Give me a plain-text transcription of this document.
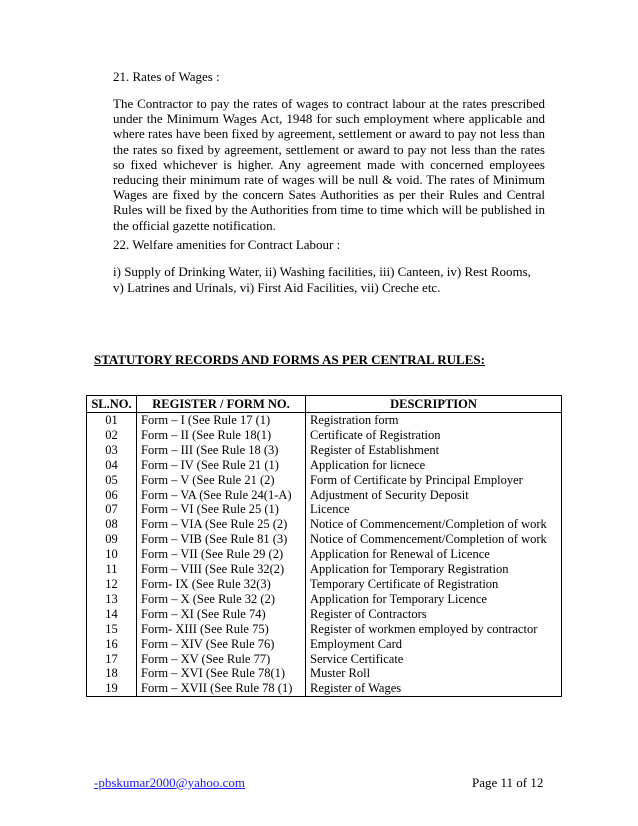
21. Rates of Wages :
The Contractor to pay the rates of wages to contract labour at the rates prescribed under the Minimum Wages Act, 1948 for such employment where applicable and where rates have been fixed by agreement, settlement or award to pay not less than the rates so fixed by agreement, settlement or award to pay not less than the rates so fixed whichever is higher. Any agreement made with concerned employees reducing their minimum rate of wages will be null & void. The rates of Minimum Wages are fixed by the concern Sates Authorities as per their Rules and Central Rules will be fixed by the Authorities from time to time which will be published in the official gazette notification.
22. Welfare amenities for Contract Labour :
i) Supply of Drinking Water, ii) Washing facilities, iii) Canteen, iv) Rest Rooms,
v) Latrines and Urinals, vi) First Aid Facilities, vii) Creche etc.
STATUTORY RECORDS AND FORMS AS PER CENTRAL RULES:
SL.NO.	REGISTER / FORM NO.	DESCRIPTION
01	Form – I (See Rule 17 (1)	Registration form
02	Form – II (See Rule 18(1)	Certificate of Registration
03	Form – III (See Rule 18 (3)	Register of Establishment
04	Form – IV (See Rule 21 (1)	Application for licnece
05	Form – V (See Rule 21 (2)	Form of Certificate by Principal Employer
06	Form – VA (See Rule 24(1-A)	Adjustment of Security Deposit
07	Form – VI (See Rule 25 (1)	Licence
08	Form – VIA (See Rule 25 (2)	Notice of Commencement/Completion of work
09	Form – VIB (See Rule 81 (3)	Notice of Commencement/Completion of work
10	Form – VII (See Rule 29 (2)	Application for Renewal of Licence
11	Form – VIII (See Rule 32(2)	Application for Temporary Registration
12	Form- IX (See Rule 32(3)	Temporary Certificate of Registration
13	Form – X (See Rule 32 (2)	Application for Temporary Licence
14	Form – XI (See Rule 74)	Register of Contractors
15	Form- XIII (See Rule 75)	Register of workmen employed by contractor
16	Form – XIV (See Rule 76)	Employment Card
17	Form – XV (See Rule 77)	Service Certificate
18	Form – XVI (See Rule 78(1)	Muster Roll
19	Form – XVII (See Rule 78 (1)	Register of Wages
-pbskumar2000@yahoo.com	Page 11 of 12
